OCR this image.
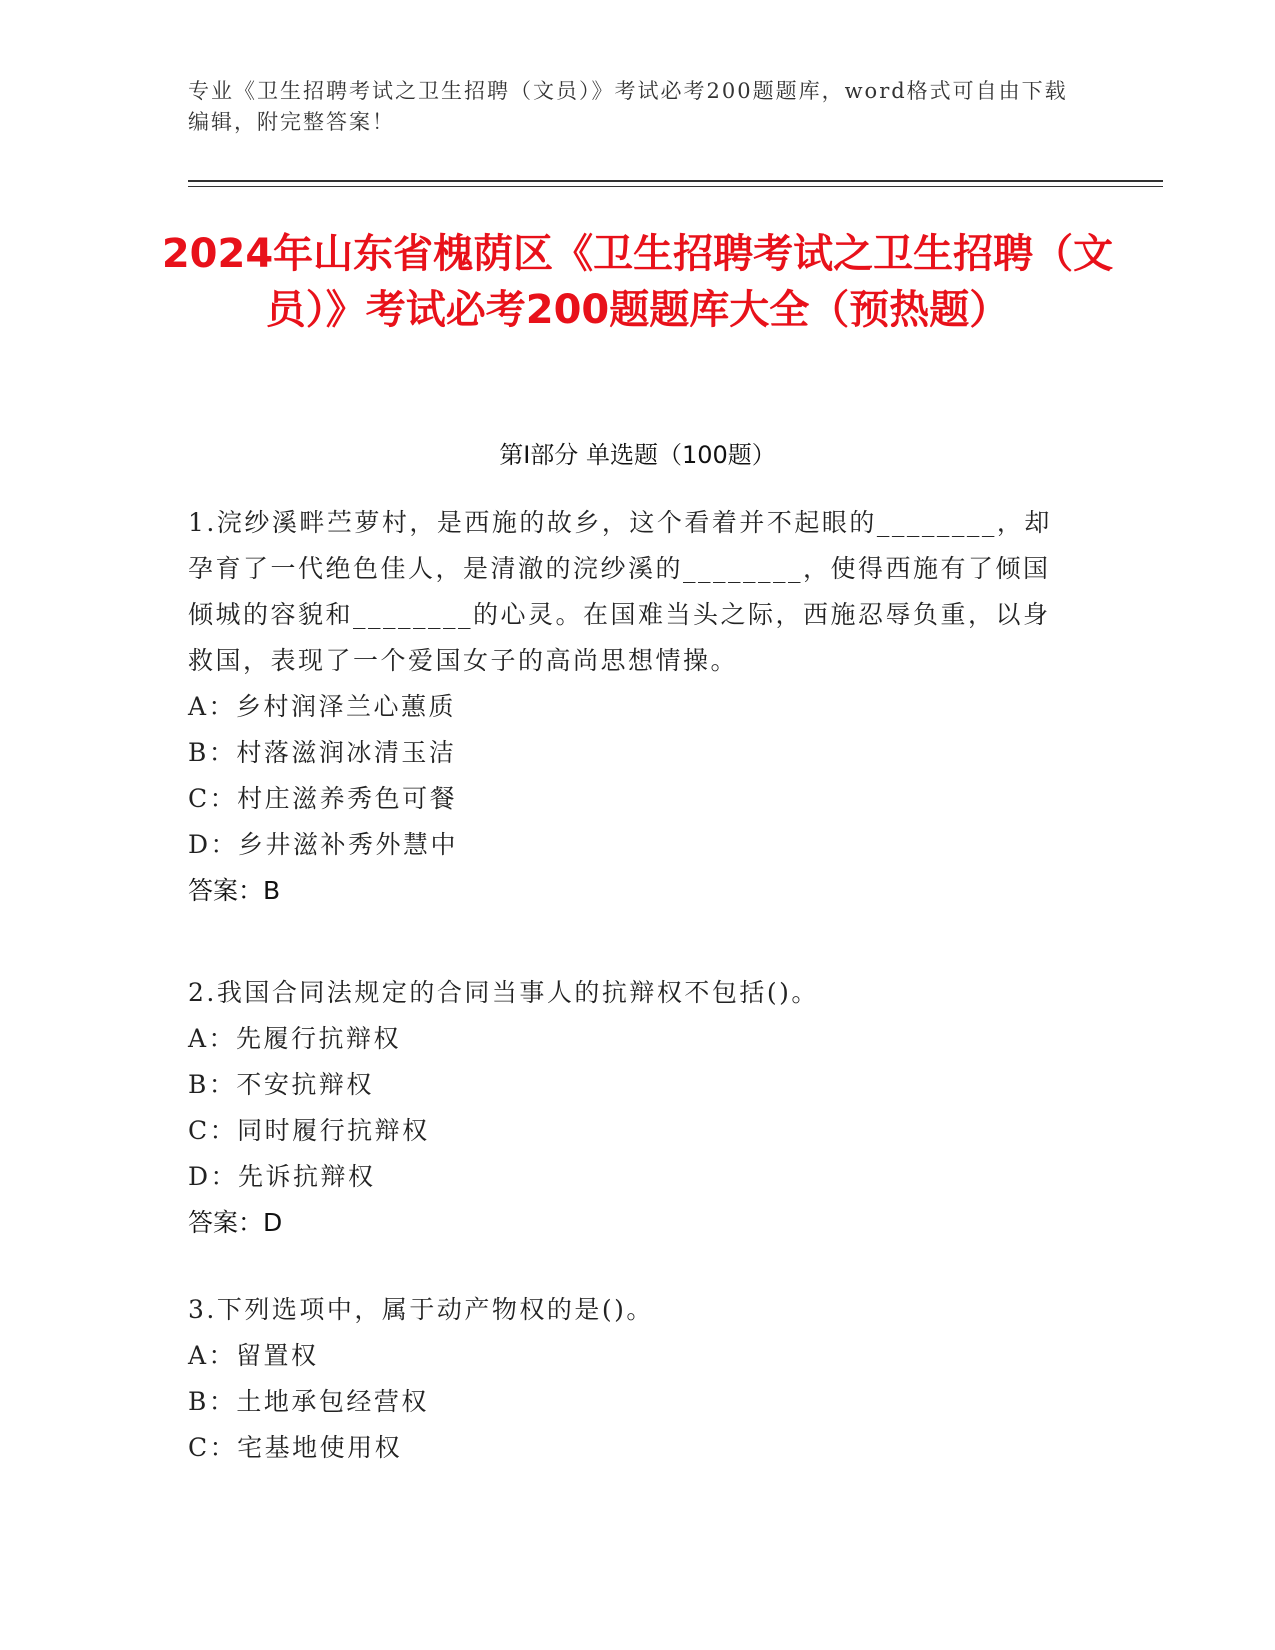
专业《卫生招聘考试之卫生招聘（文员）》考试必考200题题库，word格式可自由下载编辑，附完整答案！
2024年山东省槐荫区《卫生招聘考试之卫生招聘（文员）》考试必考200题题库大全（预热题）
第Ⅰ部分 单选题（100题）

1.浣纱溪畔苎萝村，是西施的故乡，这个看着并不起眼的________，却孕育了一代绝色佳人，是清澈的浣纱溪的________，使得西施有了倾国倾城的容貌和________的心灵。在国难当头之际，西施忍辱负重，以身救国，表现了一个爱国女子的高尚思想情操。

A：乡村润泽兰心蕙质

B：村落滋润冰清玉洁

C：村庄滋养秀色可餐

D：乡井滋补秀外慧中

答案：B

2.我国合同法规定的合同当事人的抗辩权不包括()。

A：先履行抗辩权

B：不安抗辩权

C：同时履行抗辩权

D：先诉抗辩权

答案：D

3.下列选项中，属于动产物权的是()。

A：留置权

B：土地承包经营权

C：宅基地使用权
